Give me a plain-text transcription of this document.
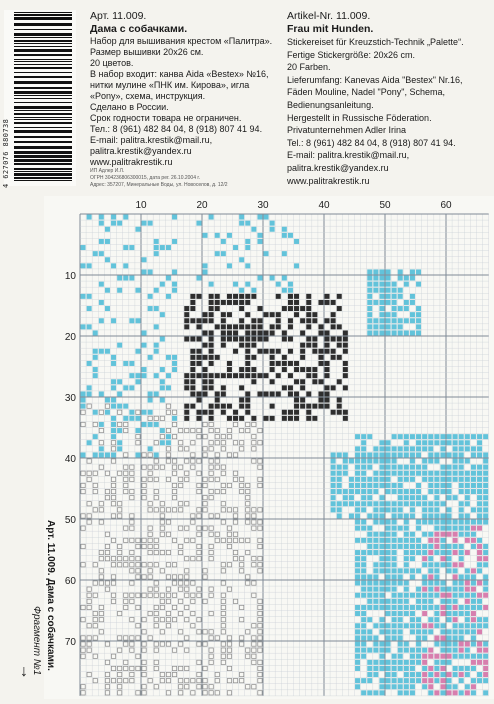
4 627076 880738
Арт. 11.009.
Дама с собачками.
Набор для вышивания крестом «Палитра».
Размер вышивки 20x26 см.
20 цветов.
В набор входит: канва Aida «Bestex» №16,
нитки мулине «ПНК им. Кирова», игла
«Pony», схема, инструкция.
Сделано в России.
Срок годности товара не ограничен.
Тел.: 8 (961) 482 84 04, 8 (918) 807 41 94.
E-mail: palitra.krestik@mail.ru,
palitra.krestik@yandex.ru
www.palitrakrestik.ru
ИП Адлер И.Л.
ОГРН 304236806300015, дата рег. 26.10.2004 г.
Адрес: 357207, Минеральные Воды, ул. Новоселов, д. 12/2
Artikel-Nr. 11.009.
Frau mit Hunden.
Stickereiset für Kreuzstich-Technik „Palette“.
Fertige Stickergröße: 20x26 cm.
20 Farben.
Lieferumfang: Kanevas Aida "Bestex" Nr.16,
Fäden Mouline, Nadel "Pony", Schema,
Bedienungsanleitung.
Hergestellt in Russische Föderation.
Privatunternehmen Adler Irina
Tel.: 8 (961) 482 84 04, 8 (918) 807 41 94.
E-mail: palitra.krestik@mail.ru,
palitra.krestik@yandex.ru
www.palitrakrestik.ru
10	20	30	40	50	60
10
20
30
40
50
60
70
Арт. 11.009. Дама с собачками.
Фрагмент №1
↓
